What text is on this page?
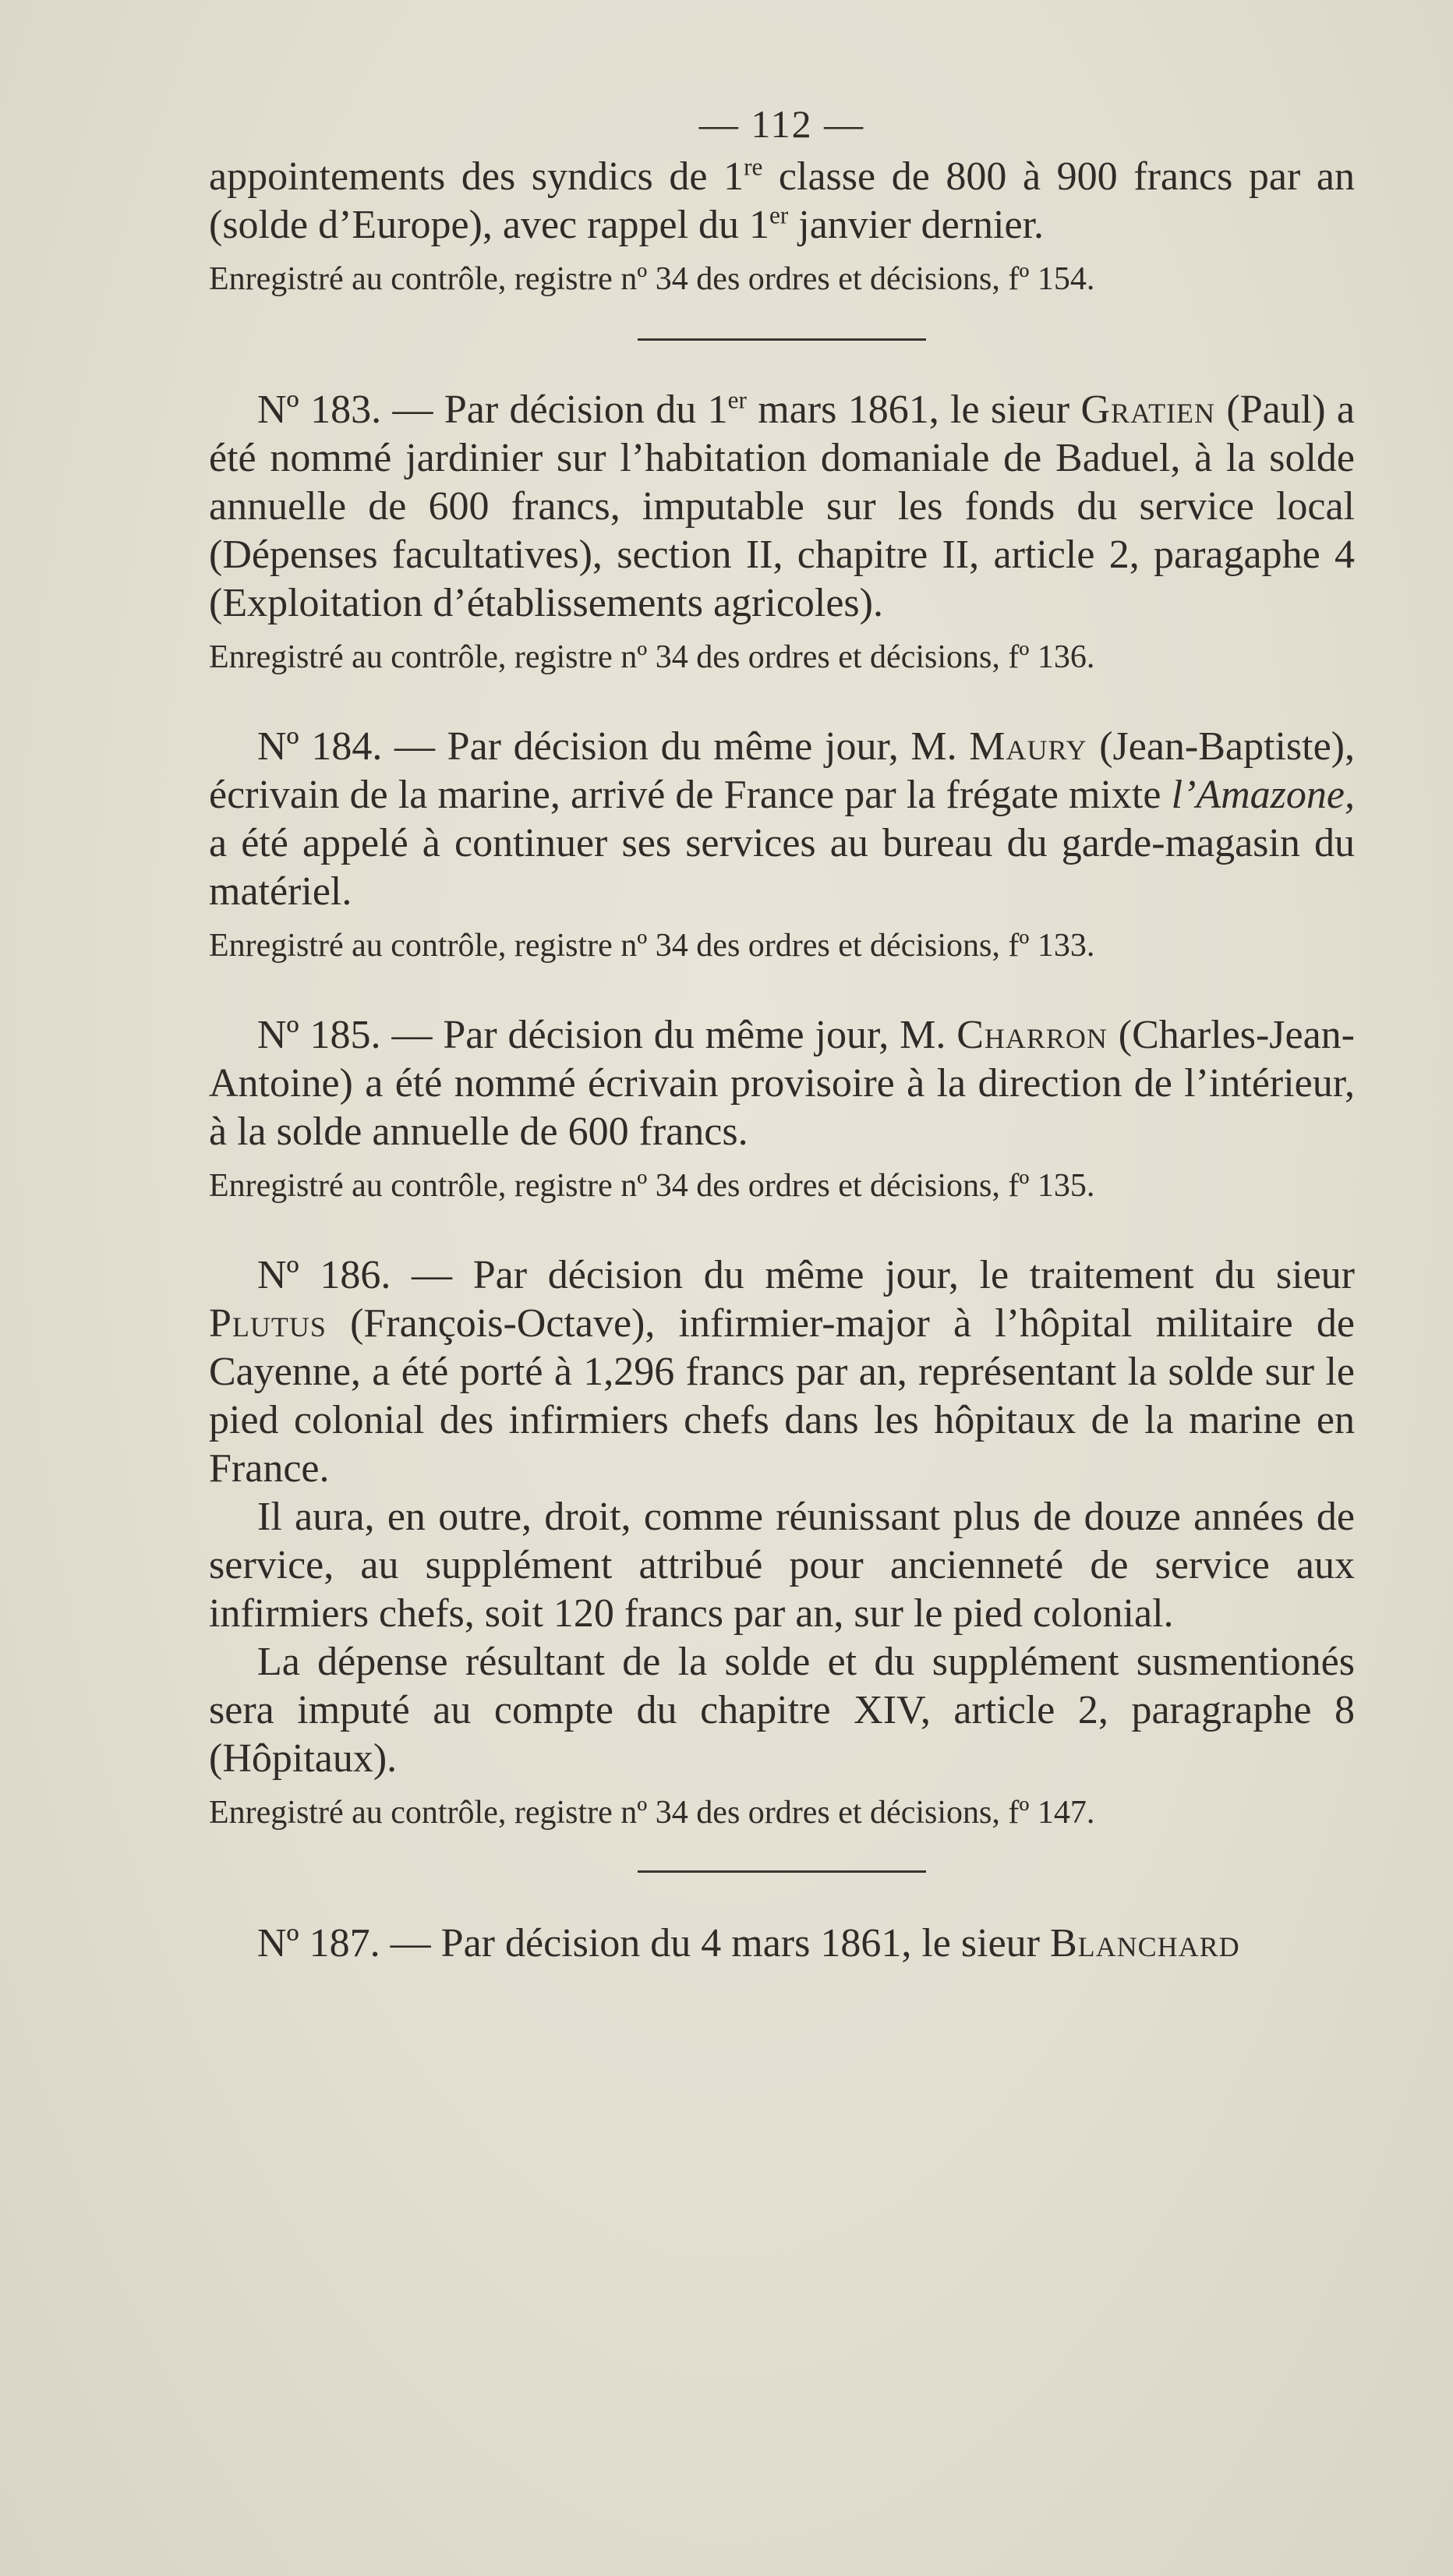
— 112 —

appointements des syndics de 1re classe de 800 à 900 francs par an (solde d’Europe), avec rappel du 1er janvier dernier.

Enregistré au contrôle, registre nº 34 des ordres et décisions, fº 154.

Nº 183. — Par décision du 1er mars 1861, le sieur Gratien (Paul) a été nommé jardinier sur l’habitation domaniale de Baduel, à la solde annuelle de 600 francs, imputable sur les fonds du service local (Dépenses facultatives), section II, chapitre II, article 2, paragaphe 4 (Exploitation d’établissements agricoles).

Enregistré au contrôle, registre nº 34 des ordres et décisions, fº 136.

Nº 184. — Par décision du même jour, M. Maury (Jean-Baptiste), écrivain de la marine, arrivé de France par la frégate mixte l’Amazone, a été appelé à continuer ses services au bureau du garde-magasin du matériel.

Enregistré au contrôle, registre nº 34 des ordres et décisions, fº 133.

Nº 185. — Par décision du même jour, M. Charron (Charles-Jean-Antoine) a été nommé écrivain provisoire à la direction de l’intérieur, à la solde annuelle de 600 francs.

Enregistré au contrôle, registre nº 34 des ordres et décisions, fº 135.

Nº 186. — Par décision du même jour, le traitement du sieur Plutus (François-Octave), infirmier-major à l’hôpital militaire de Cayenne, a été porté à 1,296 francs par an, représentant la solde sur le pied colonial des infirmiers chefs dans les hôpitaux de la marine en France.

Il aura, en outre, droit, comme réunissant plus de douze années de service, au supplément attribué pour ancienneté de service aux infirmiers chefs, soit 120 francs par an, sur le pied colonial.

La dépense résultant de la solde et du supplément susmentionés sera imputé au compte du chapitre XIV, article 2, paragraphe 8 (Hôpitaux).

Enregistré au contrôle, registre nº 34 des ordres et décisions, fº 147.

Nº 187. — Par décision du 4 mars 1861, le sieur Blanchard
